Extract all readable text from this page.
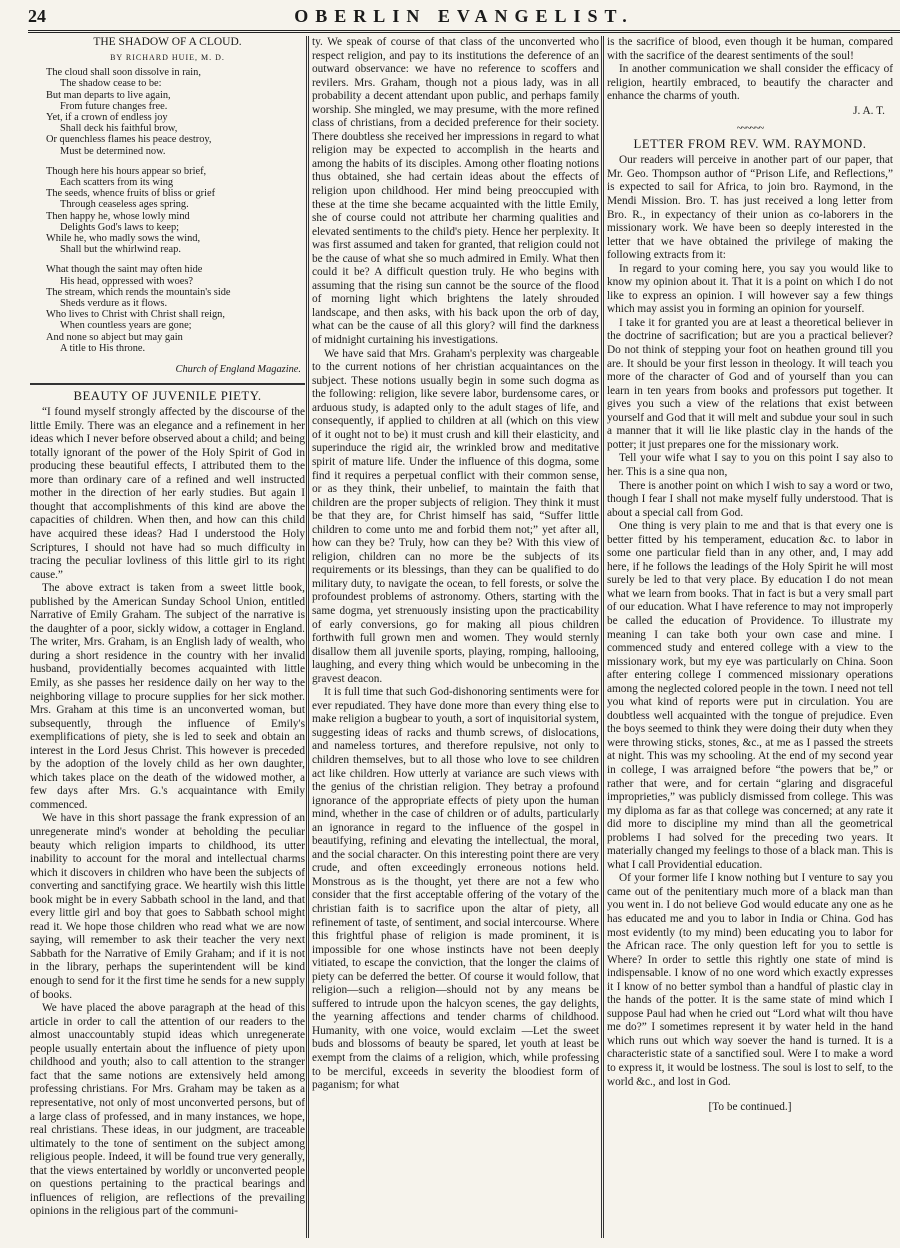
24	OBERLIN EVANGELIST.
THE SHADOW OF A CLOUD.
BY RICHARD HUIE, M. D.
The cloud shall soon dissolve in rain,
The shadow cease to be:
But man departs to live again,
From future changes free.
Yet, if a crown of endless joy
Shall deck his faithful brow,
Or quenchless flames his peace destroy,
Must be determined now.
Though here his hours appear so brief,
Each scatters from its wing
The seeds, whence fruits of bliss or grief
Through ceaseless ages spring.
Then happy he, whose lowly mind
Delights God's laws to keep;
While he, who madly sows the wind,
Shall but the whirlwind reap.
What though the saint may often hide
His head, oppressed with woes?
The stream, which rends the mountain's side
Sheds verdure as it flows.
Who lives to Christ with Christ shall reign,
When countless years are gone;
And none so abject but may gain
A title to His throne.
Church of England Magazine.
BEAUTY OF JUVENILE PIETY.

“I found myself strongly affected by the discourse of the little Emily. There was an elegance and a refinement in her ideas which I never before observed about a child; and being totally ignorant of the power of the Holy Spirit of God in producing these beautiful effects, I attributed them to the more than ordinary care of a refined and well instructed mother in the direction of her early studies. But again I thought that accomplishments of this kind are above the capacities of children. When then, and how can this child have acquired these ideas? Had I understood the Holy Scriptures, I should not have had so much difficulty in tracing the peculiar lovliness of this little girl to its right cause.”

The above extract is taken from a sweet little book, published by the American Sunday School Union, entitled Narrative of Emily Graham. The subject of the narrative is the daughter of a poor, sickly widow, a cottager in England. The writer, Mrs. Graham, is an English lady of wealth, who during a short residence in the country with her invalid husband, providentially becomes acquainted with little Emily, as she passes her residence daily on her way to the neighboring village to procure supplies for her sick mother. Mrs. Graham at this time is an unconverted woman, but subsequently, through the influence of Emily's exemplifications of piety, she is led to seek and obtain an interest in the Lord Jesus Christ. This however is preceded by the adoption of the lovely child as her own daughter, which takes place on the death of the widowed mother, a few days after Mrs. G.'s acquaintance with Emily commenced.

We have in this short passage the frank expression of an unregenerate mind's wonder at beholding the peculiar beauty which religion imparts to childhood, its utter inability to account for the moral and intellectual charms which it discovers in children who have been the subjects of converting and sanctifying grace. We heartily wish this little book might be in every Sabbath school in the land, and that every little girl and boy that goes to Sabbath school might read it. We hope those children who read what we are now saying, will remember to ask their teacher the very next Sabbath for the Narrative of Emily Graham; and if it is not in the library, perhaps the superintendent will be kind enough to send for it the first time he sends for a new supply of books.

We have placed the above paragraph at the head of this article in order to call the attention of our readers to the almost unaccountably stupid ideas which unregenerate people usually entertain about the influence of piety upon childhood and youth; also to call attention to the stranger fact that the same notions are extensively held among professing christians. For Mrs. Graham may be taken as a representative, not only of most unconverted persons, but of a large class of professed, and in many instances, we hope, real christians. These ideas, in our judgment, are traceable ultimately to the tone of sentiment on the subject among religious people. Indeed, it will be found true very generally, that the views entertained by worldly or unconverted people on questions pertaining to the practical bearings and influences of religion, are reflections of the prevailing opinions in the religious part of the communi-

ty. We speak of course of that class of the unconverted who respect religion, and pay to its institutions the deference of an outward observance: we have no reference to scoffers and revilers. Mrs. Graham, though not a pious lady, was in all probability a decent attendant upon public, and perhaps family worship. She mingled, we may presume, with the more refined class of christians, from a decided preference for their society. There doubtless she received her impressions in regard to what religion may be expected to accomplish in the hearts and among the habits of its disciples. Among other floating notions thus obtained, she had certain ideas about the effects of religion upon childhood. Her mind being preoccupied with these at the time she became acquainted with the little Emily, she of course could not attribute her charming qualities and elevated sentiments to the child's piety. Hence her perplexity. It was first assumed and taken for granted, that religion could not be the cause of what she so much admired in Emily. What then could it be? A difficult question truly. He who begins with assuming that the rising sun cannot be the source of the flood of morning light which brightens the lately shrouded landscape, and then asks, with his back upon the orb of day, what can be the cause of all this glory? will find the darkness of midnight curtaining his investigations.

We have said that Mrs. Graham's perplexity was chargeable to the current notions of her christian acquaintances on the subject. These notions usually begin in some such dogma as the following: religion, like severe labor, burdensome cares, or arduous study, is adapted only to the adult stages of life, and consequently, if applied to children at all (which on this view of it ought not to be) it must crush and kill their elasticity, and superinduce the rigid air, the wrinkled brow and meditative spirit of mature life. Under the influence of this dogma, some find it requires a perpetual conflict with their common sense, or as they think, their unbelief, to maintain the faith that children are the proper subjects of religion. They think it must be that they are, for Christ himself has said, “Suffer little children to come unto me and forbid them not;” yet after all, how can they be? Truly, how can they be? With this view of religion, children can no more be the subjects of its requirements or its blessings, than they can be qualified to do military duty, to navigate the ocean, to fell forests, or solve the profoundest problems of astronomy. Others, starting with the same dogma, yet strenuously insisting upon the practicability of early conversions, go for making all pious children forthwith full grown men and women. They would sternly disallow them all juvenile sports, playing, romping, hallooing, laughing, and every thing which would be unbecoming in the gravest deacon.

It is full time that such God-dishonoring sentiments were for ever repudiated. They have done more than every thing else to make religion a bugbear to youth, a sort of inquisitorial system, suggesting ideas of racks and thumb screws, of dislocations, and nameless tortures, and therefore repulsive, not only to children themselves, but to all those who love to see children act like children. How utterly at variance are such views with the genius of the christian religion. They betray a profound ignorance of the appropriate effects of piety upon the human mind, whether in the case of children or of adults, particularly an ignorance in regard to the influence of the gospel in beautifying, refining and elevating the intellectual, the moral, and the social character. On this interesting point there are very crude, and often exceedingly erroneous notions held. Monstrous as is the thought, yet there are not a few who consider that the first acceptable offering of the votary of the christian faith is to sacrifice upon the altar of piety, all refinement of taste, of sentiment, and social intercourse. Where this frightful phase of religion is made prominent, it is impossible for one whose instincts have not been deeply vitiated, to escape the conviction, that the longer the claims of piety can be deferred the better. Of course it would follow, that religion—such a religion—should not by any means be suffered to intrude upon the halcyon scenes, the gay delights, the yearning affections and tender charms of childhood. Humanity, with one voice, would exclaim —Let the sweet buds and blossoms of beauty be spared, let youth at least be exempt from the claims of a religion, which, while professing to be merciful, exceeds in severity the bloodiest form of paganism; for what

is the sacrifice of blood, even though it be human, compared with the sacrifice of the dearest sentiments of the soul!

In another communication we shall consider the efficacy of religion, heartily embraced, to beautify the character and enhance the charms of youth.

J. A. T.
~~~~~~
LETTER FROM REV. WM. RAYMOND.

Our readers will perceive in another part of our paper, that Mr. Geo. Thompson author of “Prison Life, and Reflections,” is expected to sail for Africa, to join bro. Raymond, in the Mendi Mission. Bro. T. has just received a long letter from Bro. R., in expectancy of their union as co-laborers in the missionary work. We have been so deeply interested in the letter that we have obtained the privilege of making the following extracts from it:

In regard to your coming here, you say you would like to know my opinion about it. That it is a point on which I do not like to express an opinion. I will however say a few things which may assist you in forming an opinion for yourself.

I take it for granted you are at least a theoretical believer in the doctrine of sacrification; but are you a practical believer? Do not think of stepping your foot on heathen ground till you are. It should be your first lesson in theology. It will teach you more of the character of God and of yourself than you can learn in ten years from books and professors put together. It gives you such a view of the relations that exist between yourself and God that it will melt and subdue your soul in such a manner that it will lie like plastic clay in the hands of the potter; it just prepares one for the missionary work.

Tell your wife what I say to you on this point I say also to her. This is a sine qua non,

There is another point on which I wish to say a word or two, though I fear I shall not make myself fully understood. That is about a special call from God.

One thing is very plain to me and that is that every one is better fitted by his temperament, education &c. to labor in some one particular field than in any other, and, I may add here, if he follows the leadings of the Holy Spirit he will most surely be led to that very place. By education I do not mean what we learn from books. That in fact is but a very small part of our education. What I have reference to may not improperly be called the education of Providence. To illustrate my meaning I can take both your own case and mine. I commenced study and entered college with a view to the missionary work, but my eye was particularly on China. Soon after entering college I commenced missionary operations among the neglected colored people in the town. I need not tell you what kind of reports were put in circulation. You are doubtless well acquainted with the tongue of prejudice. Even the boys seemed to think they were doing their duty when they were throwing sticks, stones, &c., at me as I passed the streets at night. This was my schooling. At the end of my second year in college, I was arraigned before “the powers that be,” or rather that were, and for certain “glaring and disgraceful improprieties,” was publicly dismissed from college. This was my diploma as far as that college was concerned; at any rate it did more to discipline my mind than all the geometrical problems I had solved for the preceding two years. It materially changed my feelings to those of a black man. This is what I call Providential education.

Of your former life I know nothing but I venture to say you came out of the penitentiary much more of a black man than you went in. I do not believe God would educate any one as he has educated me and you to labor in India or China. God has most evidently (to my mind) been educating you to labor for the African race. The only question left for you to settle is Where? In order to settle this rightly one state of mind is indispensable. I know of no one word which exactly expresses it I know of no better symbol than a handful of plastic clay in the hands of the potter. It is the same state of mind which I suppose Paul had when he cried out “Lord what wilt thou have me do?” I sometimes represent it by water held in the hand which runs out which way soever the hand is turned. It is a characteristic state of a sanctified soul. Were I to make a word to express it, it would be lostness. The soul is lost to self, to the world &c., and lost in God.

[To be continued.]
